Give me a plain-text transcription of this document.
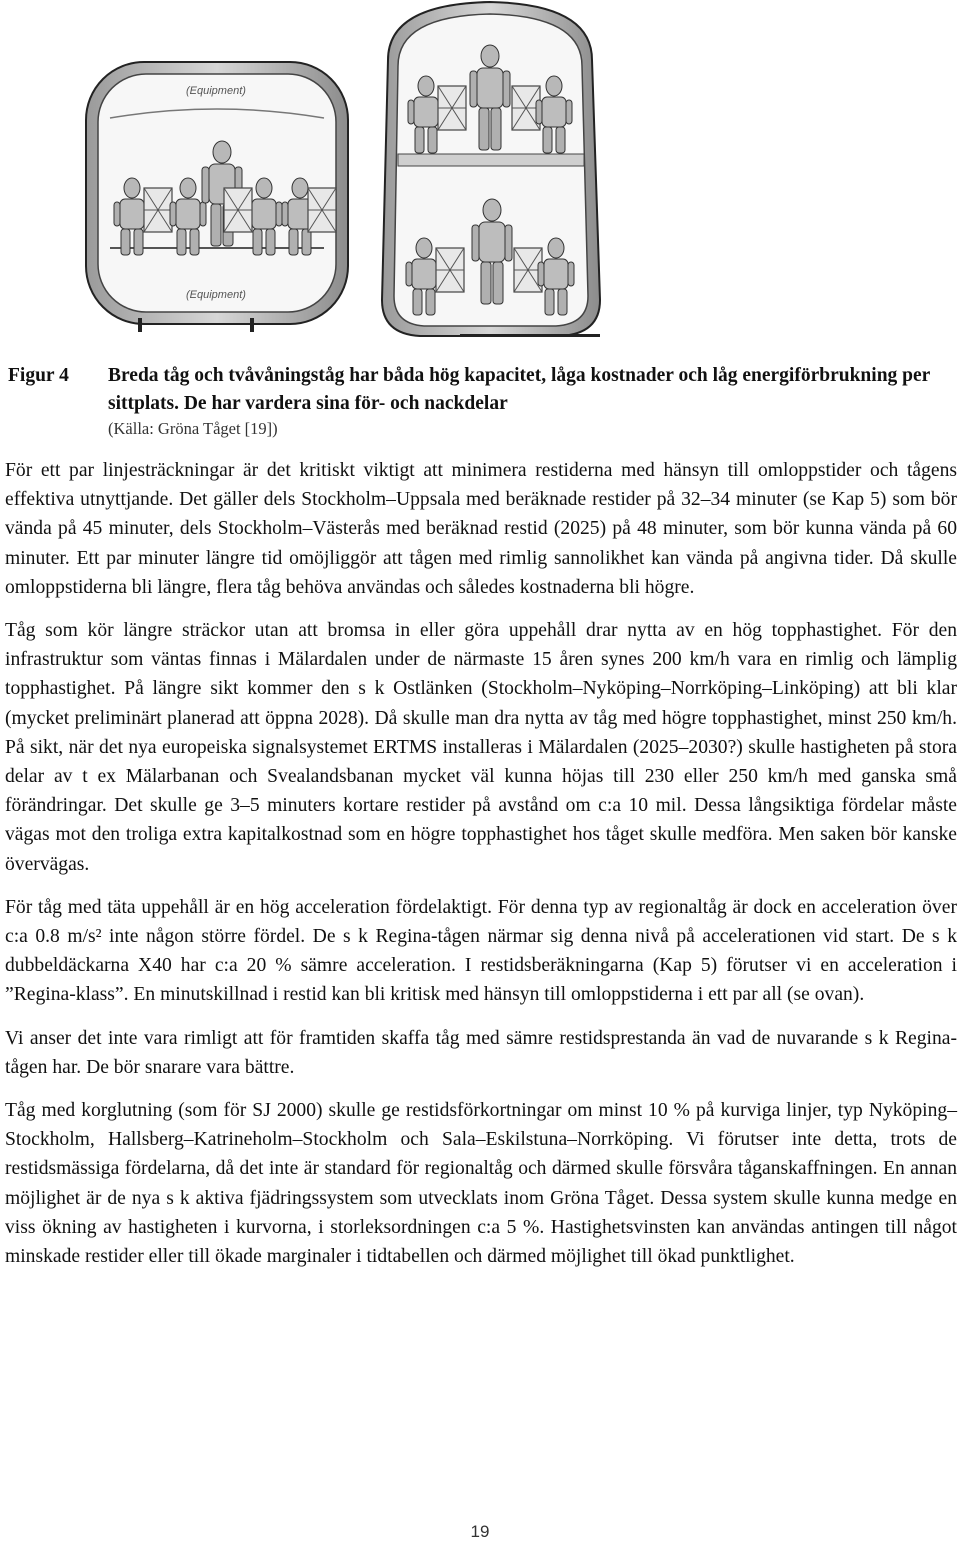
(Equipment)
(Equipment)
Figur 4	Breda tåg och tvåvåningståg har båda hög kapacitet, låga kostnader och låg energiförbrukning per sittplats. De har vardera sina för- och nackdelar
(Källa: Gröna Tåget [19])

För ett par linjesträckningar är det kritiskt viktigt att minimera restiderna med hänsyn till omloppstider och tågens effektiva utnyttjande. Det gäller dels Stockholm–Uppsala med beräknade restider på 32–34 minuter (se Kap 5) som bör vända på 45 minuter, dels Stockholm–Västerås med beräknad restid (2025) på 48 minuter, som bör kunna vända på 60 minuter. Ett par minuter längre tid omöjliggör att tågen med rimlig sannolikhet kan vända på angivna tider. Då skulle omloppstiderna bli längre, flera tåg behöva användas och således kostnaderna bli högre.

Tåg som kör längre sträckor utan att bromsa in eller göra uppehåll drar nytta av en hög topphastighet. För den infrastruktur som väntas finnas i Mälardalen under de närmaste 15 åren synes 200 km/h vara en rimlig och lämplig topphastighet. På längre sikt kommer den s k Ostlänken (Stockholm–Nyköping–Norrköping–Linköping) att bli klar (mycket preliminärt planerad att öppna 2028). Då skulle man dra nytta av tåg med högre topphastighet, minst 250 km/h. På sikt, när det nya europeiska signalsystemet ERTMS installeras i Mälardalen (2025–2030?) skulle hastigheten på stora delar av t ex Mälarbanan och Svealandsbanan mycket väl kunna höjas till 230 eller 250 km/h med ganska små förändringar. Det skulle ge 3–5 minuters kortare restider på avstånd om c:a 10 mil. Dessa långsiktiga fördelar måste vägas mot den troliga extra kapitalkostnad som en högre topphastighet hos tåget skulle medföra. Men saken bör kanske övervägas.

För tåg med täta uppehåll är en hög acceleration fördelaktigt. För denna typ av regionaltåg är dock en acceleration över c:a 0.8 m/s² inte någon större fördel. De s k Regina-tågen närmar sig denna nivå på accelerationen vid start. De s k dubbeldäckarna X40 har c:a 20 % sämre acceleration. I restidsberäkningarna (Kap 5) förutser vi en acceleration i ”Regina-klass”. En minutskillnad i restid kan bli kritisk med hänsyn till omloppstiderna i ett par all (se ovan).

Vi anser det inte vara rimligt att för framtiden skaffa tåg med sämre restidsprestanda än vad de nuvarande s k Regina-tågen har. De bör snarare vara bättre.

Tåg med korglutning (som för SJ 2000) skulle ge restidsförkortningar om minst 10 % på kurviga linjer, typ Nyköping–Stockholm, Hallsberg–Katrineholm–Stockholm och Sala–Eskilstuna–Norrköping. Vi förutser inte detta, trots de restidsmässiga fördelarna, då det inte är standard för regionaltåg och därmed skulle försvåra tåganskaffningen. En annan möjlighet är de nya s k aktiva fjädringssystem som utvecklats inom Gröna Tåget. Dessa system skulle kunna medge en viss ökning av hastigheten i kurvorna, i storleksordningen c:a 5 %. Hastighetsvinsten kan användas antingen till något minskade restider eller till ökade marginaler i tidtabellen och därmed möjlighet till ökad punktlighet.

19
